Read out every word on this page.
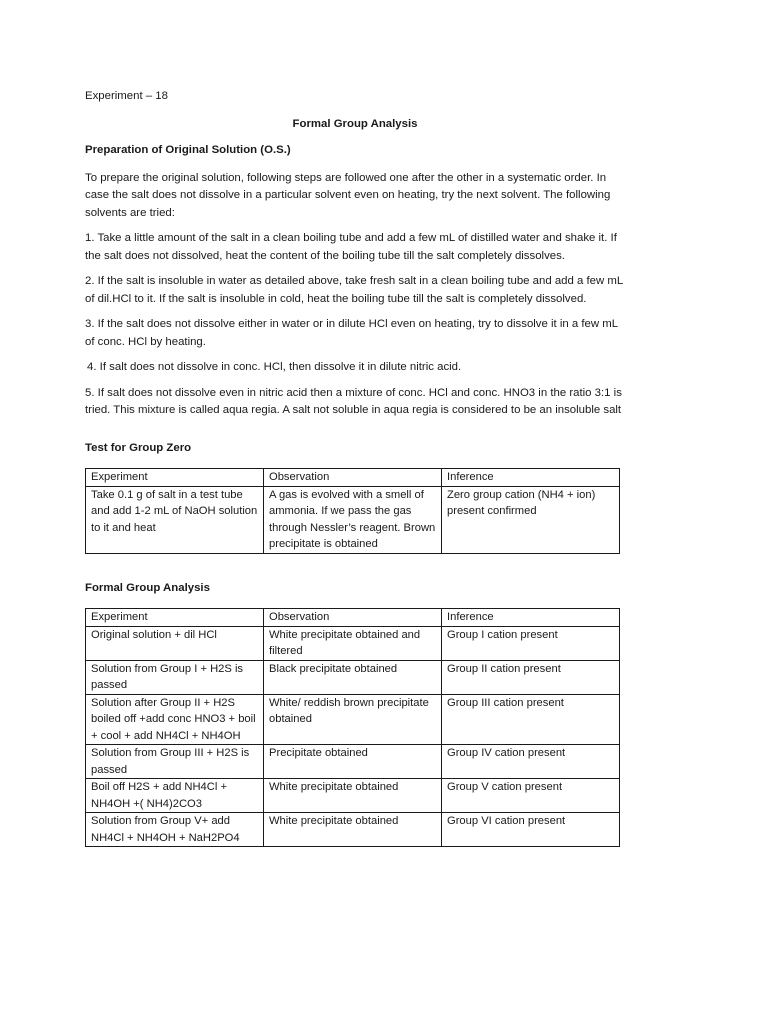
Experiment – 18

Formal Group Analysis

Preparation of Original Solution (O.S.)

To prepare the original solution, following steps are followed one after the other in a systematic order. In case the salt does not dissolve in a particular solvent even on heating, try the next solvent. The following solvents are tried:

1. Take a little amount of the salt in a clean boiling tube and add a few mL of distilled water and shake it. If the salt does not dissolved, heat the content of the boiling tube till the salt completely dissolves.

2. If the salt is insoluble in water as detailed above, take fresh salt in a clean boiling tube and add a few mL of dil.HCl to it. If the salt is insoluble in cold, heat the boiling tube till the salt is completely dissolved.

3. If the salt does not dissolve either in water or in dilute HCl even on heating, try to dissolve it in a few mL of conc. HCl by heating.

4. If salt does not dissolve in conc. HCl, then dissolve it in dilute nitric acid.

5. If salt does not dissolve even in nitric acid then a mixture of conc. HCl and conc. HNO3 in the ratio 3:1 is tried. This mixture is called aqua regia. A salt not soluble in aqua regia is considered to be an insoluble salt

Test for Group Zero

Experiment	Observation	Inference
Take 0.1 g of salt in a test tube and add 1-2 mL of NaOH solution to it and heat	A gas is evolved with a smell of ammonia. If we pass the gas through Nessler’s reagent. Brown precipitate is obtained	Zero group cation (NH4 + ion) present confirmed

Formal Group Analysis

Experiment	Observation	Inference
Original solution + dil HCl	White precipitate obtained and filtered	Group I cation present
Solution from Group I + H2S is passed	Black precipitate obtained	Group II cation present
Solution after Group II + H2S boiled off +add conc HNO3 + boil + cool + add NH4Cl + NH4OH	White/ reddish brown precipitate obtained	Group III cation present
Solution from Group III + H2S is passed	Precipitate obtained	Group IV cation present
Boil off H2S + add NH4Cl + NH4OH +( NH4)2CO3	White precipitate obtained	Group V cation present
Solution from Group V+ add NH4Cl + NH4OH + NaH2PO4	White precipitate obtained	Group VI cation present
